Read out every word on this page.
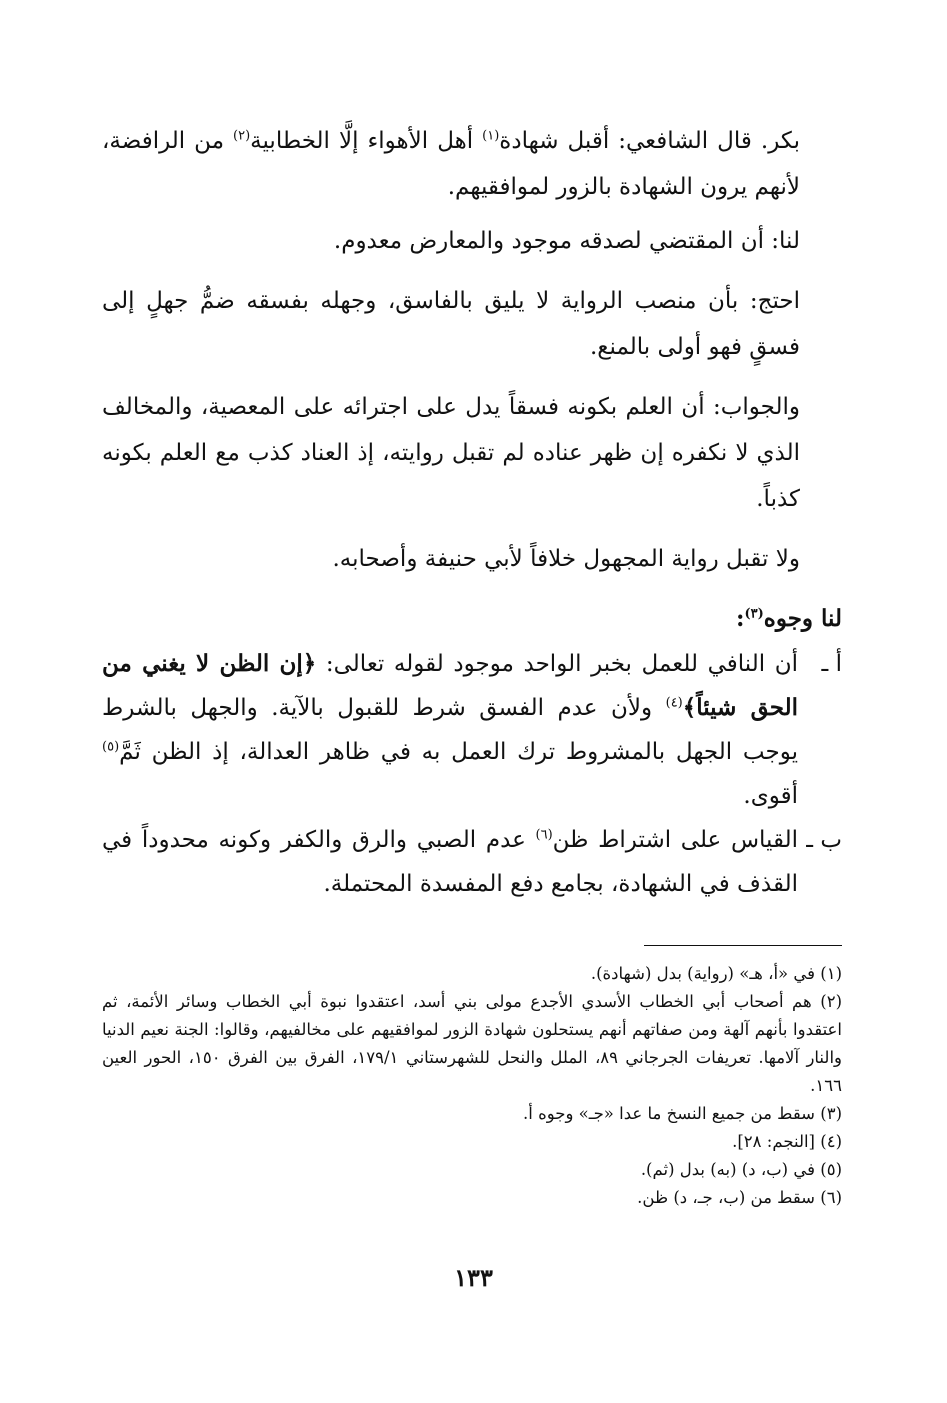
بكر. قال الشافعي: أقبل شهادة$^{(١)}$ أهل الأهواء إلَّا الخطابية$^{(٢)}$ من الرافضة، لأنهم يرون الشهادة بالزور لموافقيهم.

لنا: أن المقتضي لصدقه موجود والمعارض معدوم.

احتج: بأن منصب الرواية لا يليق بالفاسق، وجهله بفسقه ضمُّ جهلٍ إلى فسقٍ فهو أولى بالمنع.

والجواب: أن العلم بكونه فسقاً يدل على اجترائه على المعصية، والمخالف الذي لا نكفره إن ظهر عناده لم تقبل روايته، إذ العناد كذب مع العلم بكونه كذباً.

ولا تقبل رواية المجهول خلافاً لأبي حنيفة وأصحابه.

لنا وجوه$^{(٣)}$:

أ ـ
أن النافي للعمل بخبر الواحد موجود لقوله تعالى: ﴿إن الظن لا يغني من الحق شيئاً﴾$^{(٤)}$ ولأن عدم الفسق شرط للقبول بالآية. والجهل بالشرط يوجب الجهل بالمشروط ترك العمل به في ظاهر العدالة، إذ الظن ثَمَّ$^{(٥)}$ أقوى.
ب ـ
القياس على اشتراط ظن$^{(٦)}$ عدم الصبي والرق والكفر وكونه محدوداً في القذف في الشهادة، بجامع دفع المفسدة المحتملة.

(١) في «أ، هـ» (رواية) بدل (شهادة).

(٢) هم أصحاب أبي الخطاب الأسدي الأجدع مولى بني أسد، اعتقدوا نبوة أبي الخطاب وسائر الأئمة، ثم اعتقدوا بأنهم آلهة ومن صفاتهم أنهم يستحلون شهادة الزور لموافقيهم على مخالفيهم، وقالوا: الجنة نعيم الدنيا والنار آلامها. تعريفات الجرجاني ٨٩، الملل والنحل للشهرستاني ١٧٩/١، الفرق بين الفرق ١٥٠، الحور العين ١٦٦.

(٣) سقط من جميع النسخ ما عدا «جـ» وجوه أ.

(٤) [النجم: ٢٨].

(٥) في (ب، د) (به) بدل (ثم).

(٦) سقط من (ب، جـ، د) ظن.

١٣٣
